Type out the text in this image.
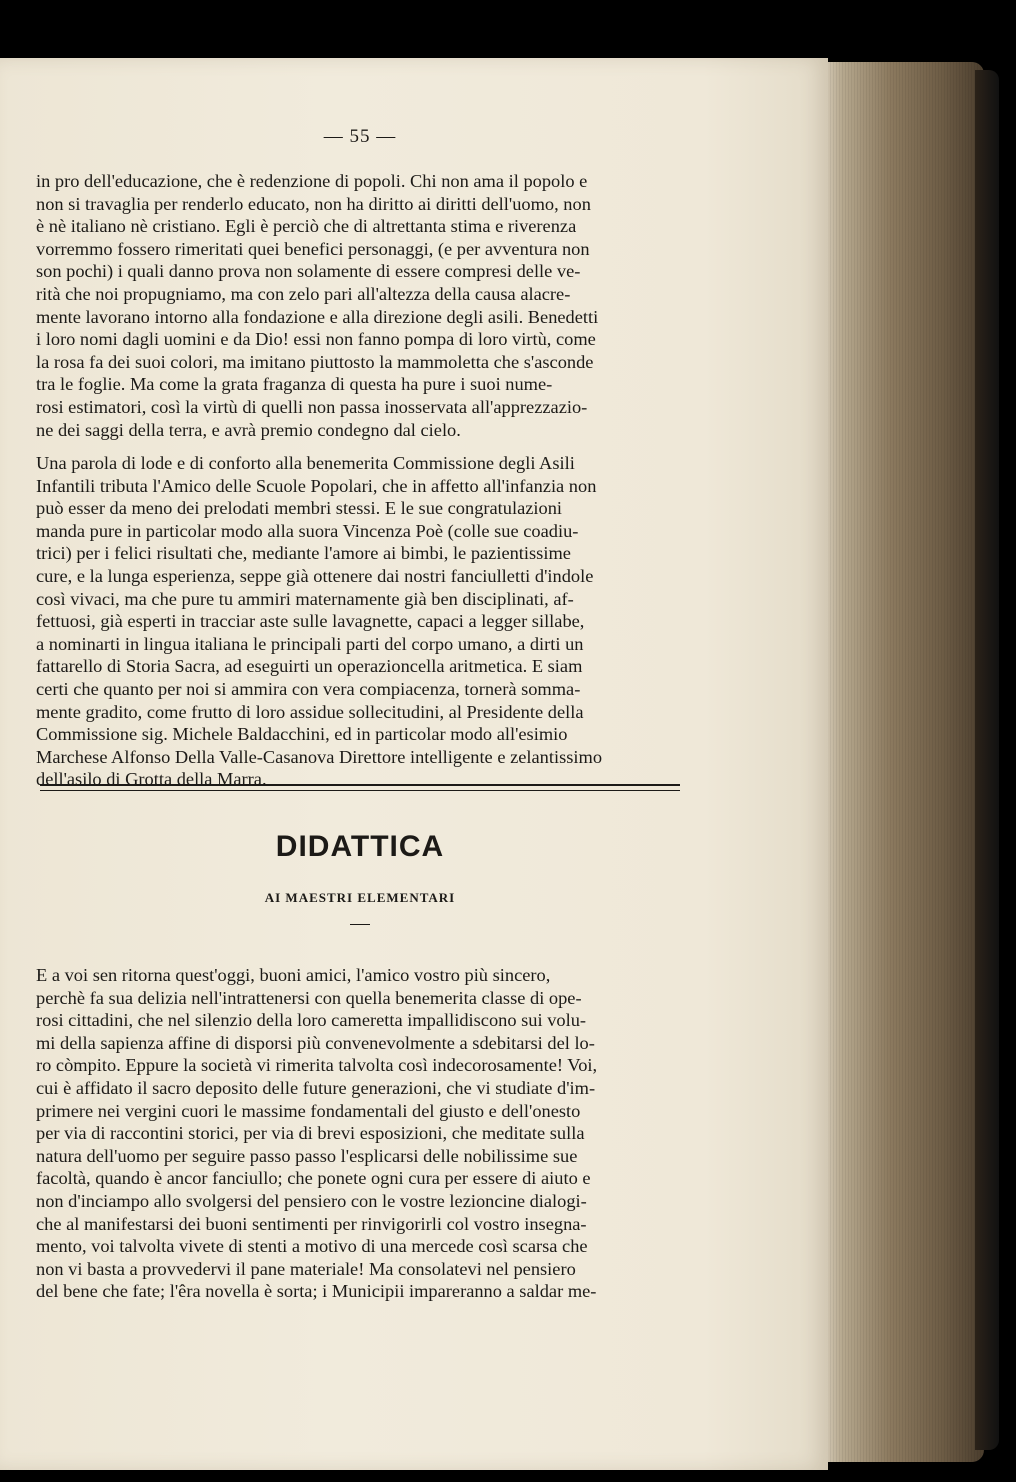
— 55 —
in pro dell'educazione, che è redenzione di popoli. Chi non ama il popolo e
non si travaglia per renderlo educato, non ha diritto ai diritti dell'uomo, non
è nè italiano nè cristiano. Egli è perciò che di altrettanta stima e riverenza
vorremmo fossero rimeritati quei benefici personaggi, (e per avventura non
son pochi) i quali danno prova non solamente di essere compresi delle ve-
rità che noi propugniamo, ma con zelo pari all'altezza della causa alacre-
mente lavorano intorno alla fondazione e alla direzione degli asili. Benedetti
i loro nomi dagli uomini e da Dio! essi non fanno pompa di loro virtù, come
la rosa fa dei suoi colori, ma imitano piuttosto la mammoletta che s'asconde
tra le foglie. Ma come la grata fraganza di questa ha pure i suoi nume-
rosi estimatori, così la virtù di quelli non passa inosservata all'apprezzazio-
ne dei saggi della terra, e avrà premio condegno dal cielo.
Una parola di lode e di conforto alla benemerita Commissione degli Asili
Infantili tributa l'Amico delle Scuole Popolari, che in affetto all'infanzia non
può esser da meno dei prelodati membri stessi. E le sue congratulazioni
manda pure in particolar modo alla suora Vincenza Poè (colle sue coadiu-
trici) per i felici risultati che, mediante l'amore ai bimbi, le pazientissime
cure, e la lunga esperienza, seppe già ottenere dai nostri fanciulletti d'indole
così vivaci, ma che pure tu ammiri maternamente già ben disciplinati, af-
fettuosi, già esperti in tracciar aste sulle lavagnette, capaci a legger sillabe,
a nominarti in lingua italiana le principali parti del corpo umano, a dirti un
fattarello di Storia Sacra, ad eseguirti un operazioncella aritmetica. E siam
certi che quanto per noi si ammira con vera compiacenza, tornerà somma-
mente gradito, come frutto di loro assidue sollecitudini, al Presidente della
Commissione sig. Michele Baldacchini, ed in particolar modo all'esimio
Marchese Alfonso Della Valle-Casanova Direttore intelligente e zelantissimo
dell'asilo di Grotta della Marra.
DIDATTICA
AI MAESTRI ELEMENTARI
E a voi sen ritorna quest'oggi, buoni amici, l'amico vostro più sincero,
perchè fa sua delizia nell'intrattenersi con quella benemerita classe di ope-
rosi cittadini, che nel silenzio della loro cameretta impallidiscono sui volu-
mi della sapienza affine di disporsi più convenevolmente a sdebitarsi del lo-
ro còmpito. Eppure la società vi rimerita talvolta così indecorosamente! Voi,
cui è affidato il sacro deposito delle future generazioni, che vi studiate d'im-
primere nei vergini cuori le massime fondamentali del giusto e dell'onesto
per via di raccontini storici, per via di brevi esposizioni, che meditate sulla
natura dell'uomo per seguire passo passo l'esplicarsi delle nobilissime sue
facoltà, quando è ancor fanciullo; che ponete ogni cura per essere di aiuto e
non d'inciampo allo svolgersi del pensiero con le vostre lezioncine dialogi-
che al manifestarsi dei buoni sentimenti per rinvigorirli col vostro insegna-
mento, voi talvolta vivete di stenti a motivo di una mercede così scarsa che
non vi basta a provvedervi il pane materiale! Ma consolatevi nel pensiero
del bene che fate; l'êra novella è sorta; i Municipii impareranno a saldar me-
